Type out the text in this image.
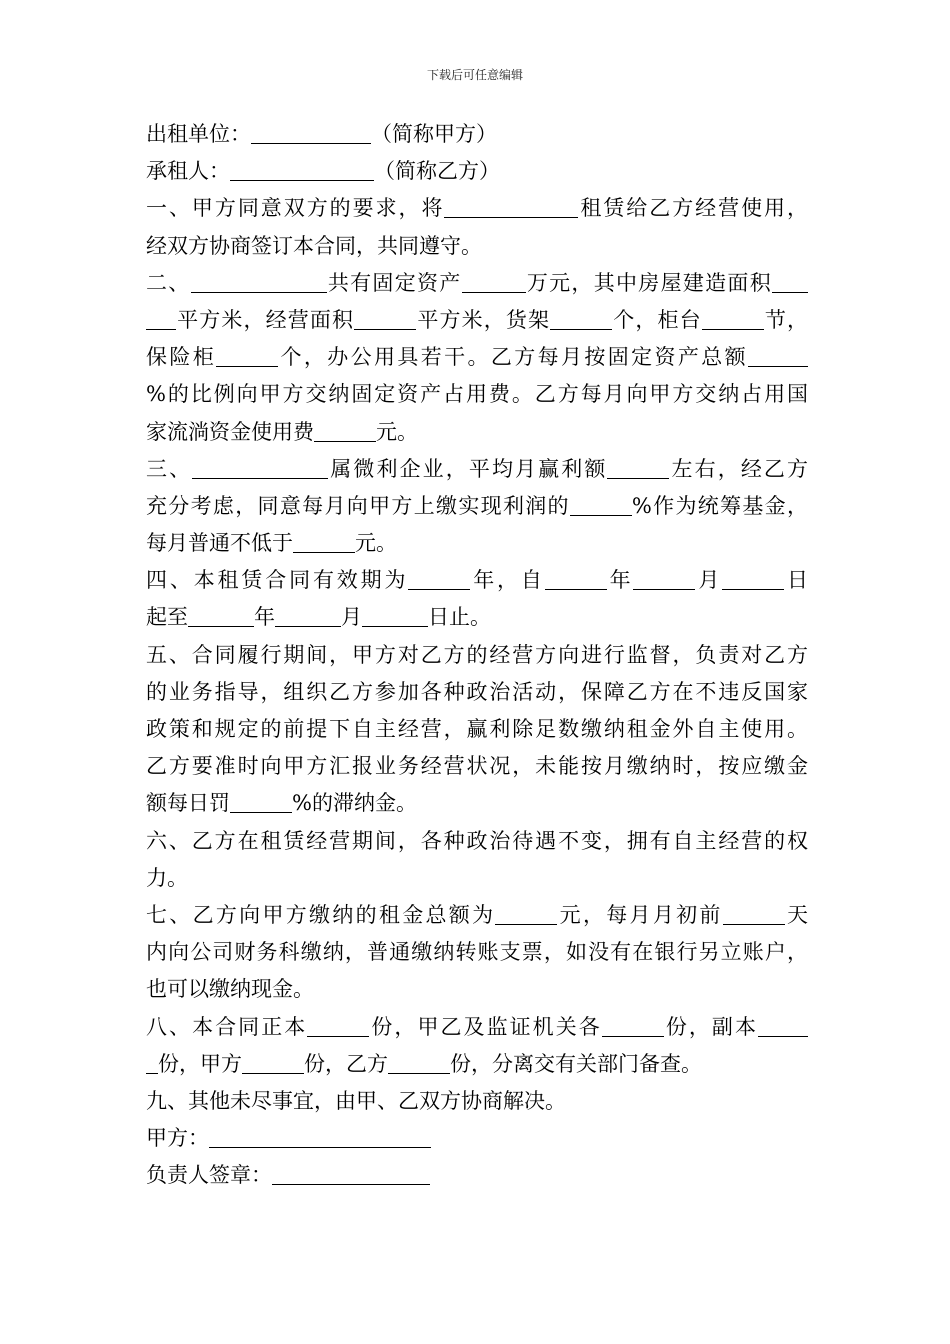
下载后可任意编辑
出租单位：	（简称甲方）
承租人：	（简称乙方）
一、甲方同意双方的要求，将	租赁给乙方经营使用，
经双方协商签订本合同，共同遵守。
二、	共有固定资产	万元，其中房屋建造面积
平方米，经营面积	平方米，货架	个，柜台	节，
保险柜	个，办公用具若干。乙方每月按固定资产总额
%的比例向甲方交纳固定资产占用费。乙方每月向甲方交纳占用国
家流淌资金使用费	元。
三、	属微利企业，平均月赢利额	左右，经乙方
充分考虑，同意每月向甲方上缴实现利润的	%作为统筹基金，
每月普通不低于	元。
四、本租赁合同有效期为	年，自	年	月	日
起至	年	月	日止。
五、合同履行期间，甲方对乙方的经营方向进行监督，负责对乙方
的业务指导，组织乙方参加各种政治活动，保障乙方在不违反国家
政策和规定的前提下自主经营，赢利除足数缴纳租金外自主使用。
乙方要准时向甲方汇报业务经营状况，未能按月缴纳时，按应缴金
额每日罚	%的滞纳金。
六、乙方在租赁经营期间，各种政治待遇不变，拥有自主经营的权
力。
七、乙方向甲方缴纳的租金总额为	元，每月月初前	天
内向公司财务科缴纳，普通缴纳转账支票，如没有在银行另立账户，
也可以缴纳现金。
八、本合同正本	份，甲乙及监证机关各	份，副本
份，甲方	份，乙方	份，分离交有关部门备查。
九、其他未尽事宜，由甲、乙双方协商解决。
甲方：
负责人签章：
